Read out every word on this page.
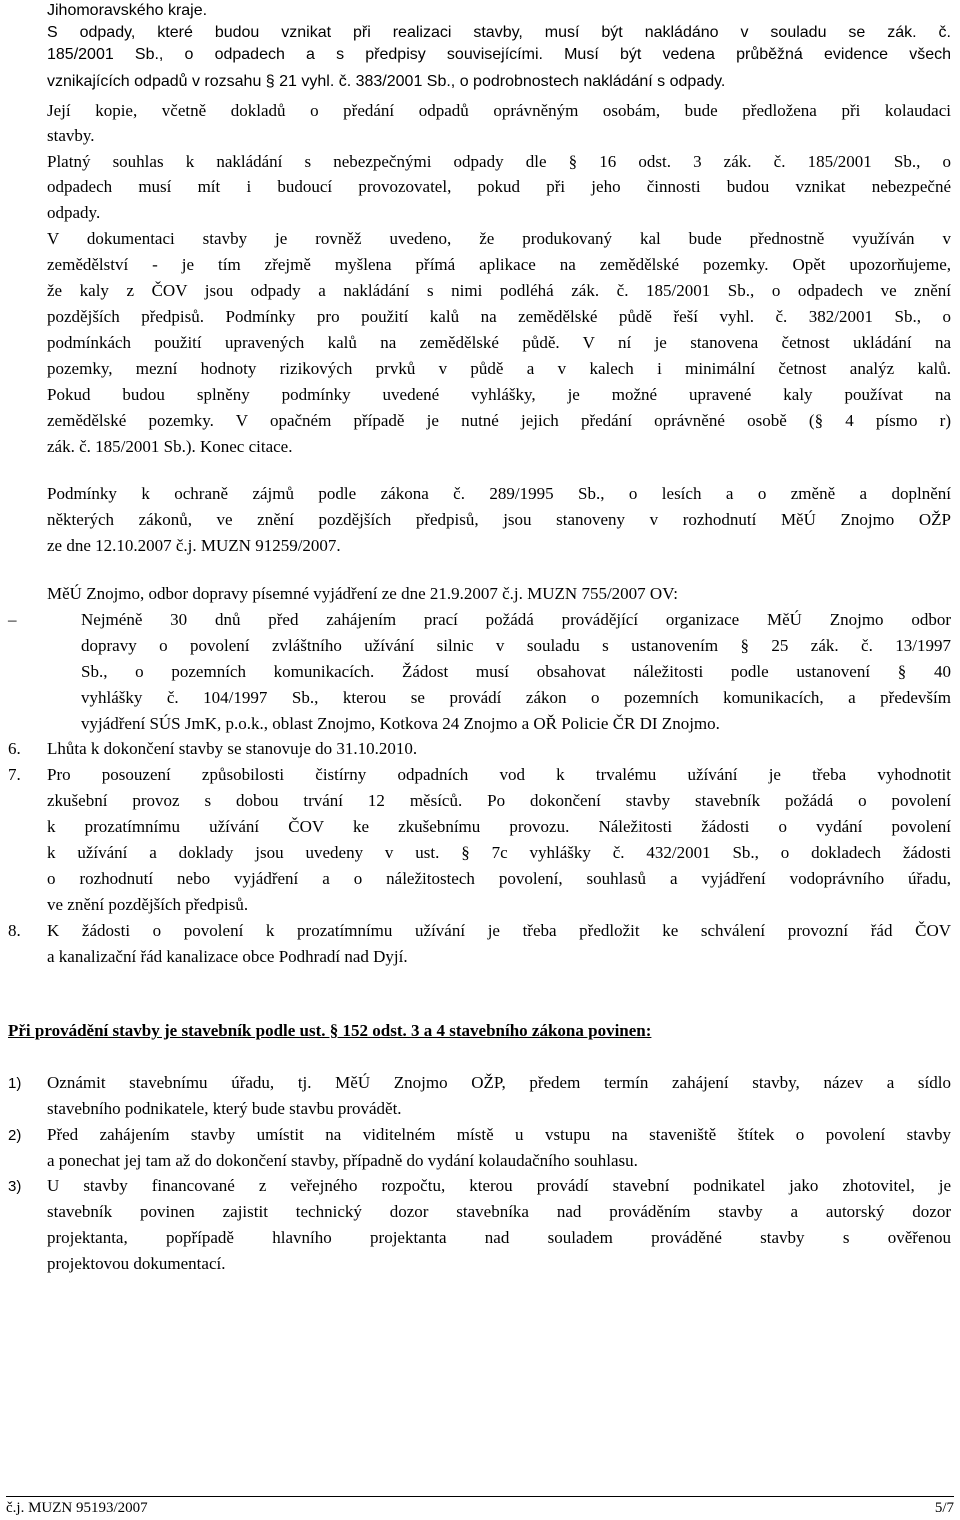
Jihomoravského kraje.
S odpady, které budou vznikat při realizaci stavby, musí být nakládáno v souladu se zák. č.
185/2001 Sb., o odpadech a s předpisy souvisejícími. Musí být vedena průběžná evidence všech
vznikajících odpadů v rozsahu § 21 vyhl. č. 383/2001 Sb., o podrobnostech nakládání s odpady.
Její kopie, včetně dokladů o předání odpadů oprávněným osobám, bude předložena při kolaudaci
stavby.
Platný souhlas k nakládání s nebezpečnými odpady dle § 16 odst. 3 zák. č. 185/2001 Sb., o
odpadech musí mít i budoucí provozovatel, pokud při jeho činnosti budou vznikat nebezpečné
odpady.
V dokumentaci stavby je rovněž uvedeno, že produkovaný kal bude přednostně využíván v
zemědělství - je tím zřejmě myšlena přímá aplikace na zemědělské pozemky. Opět upozorňujeme,
že kaly z ČOV jsou odpady a nakládání s nimi podléhá zák. č. 185/2001 Sb., o odpadech ve znění
pozdějších předpisů. Podmínky pro použití kalů na zemědělské půdě řeší vyhl. č. 382/2001 Sb., o
podmínkách použití upravených kalů na zemědělské půdě. V ní je stanovena četnost ukládání na
pozemky, mezní hodnoty rizikových prvků v půdě a v kalech i minimální četnost analýz kalů.
Pokud budou splněny podmínky uvedené vyhlášky, je možné upravené kaly používat na
zemědělské pozemky. V opačném případě je nutné jejich předání oprávněné osobě (§ 4 písmo r)
zák. č. 185/2001 Sb.). Konec citace.
Podmínky k ochraně zájmů podle zákona č. 289/1995 Sb., o lesích a o změně a doplnění
některých zákonů, ve znění pozdějších předpisů, jsou stanoveny v rozhodnutí MěÚ Znojmo OŽP
ze dne 12.10.2007 č.j. MUZN 91259/2007.
MěÚ Znojmo, odbor dopravy písemné vyjádření ze dne 21.9.2007 č.j. MUZN 755/2007 OV:
–	Nejméně 30 dnů před zahájením prací požádá provádějící organizace MěÚ Znojmo odbor
dopravy o povolení zvláštního užívání silnic v souladu s ustanovením § 25 zák. č. 13/1997
Sb., o pozemních komunikacích. Žádost musí obsahovat náležitosti podle ustanovení § 40
vyhlášky č. 104/1997 Sb., kterou se provádí zákon o pozemních komunikacích, a především
vyjádření SÚS JmK, p.o.k., oblast Znojmo, Kotkova 24 Znojmo a OŘ Policie ČR DI Znojmo.
6. Lhůta k dokončení stavby se stanovuje do 31.10.2010.
7. Pro posouzení způsobilosti čistírny odpadních vod k trvalému užívání je třeba vyhodnotit
zkušební provoz s dobou trvání 12 měsíců. Po dokončení stavby stavebník požádá o povolení
k prozatímnímu užívání ČOV ke zkušebnímu provozu. Náležitosti žádosti o vydání povolení
k užívání a doklady jsou uvedeny v ust. § 7c vyhlášky č. 432/2001 Sb., o dokladech žádosti
o rozhodnutí nebo vyjádření a o náležitostech povolení, souhlasů a vyjádření vodoprávního úřadu,
ve znění pozdějších předpisů.
8. K žádosti o povolení k prozatímnímu užívání je třeba předložit ke schválení provozní řád ČOV
a kanalizační řád kanalizace obce Podhradí nad Dyjí.
Při provádění stavby je stavebník podle ust. § 152 odst. 3 a 4 stavebního zákona povinen:
1) Oznámit stavebnímu úřadu, tj. MěÚ Znojmo OŽP, předem termín zahájení stavby, název a sídlo
stavebního podnikatele, který bude stavbu provádět.
2) Před zahájením stavby umístit na viditelném místě u vstupu na staveniště štítek o povolení stavby
a ponechat jej tam až do dokončení stavby, případně do vydání kolaudačního souhlasu.
3) U stavby financované z veřejného rozpočtu, kterou provádí stavební podnikatel jako zhotovitel, je
stavebník povinen zajistit technický dozor stavebníka nad prováděním stavby a autorský dozor
projektanta, popřípadě hlavního projektanta nad souladem prováděné stavby s ověřenou
projektovou dokumentací.
č.j. MUZN 95193/2007	5/7
